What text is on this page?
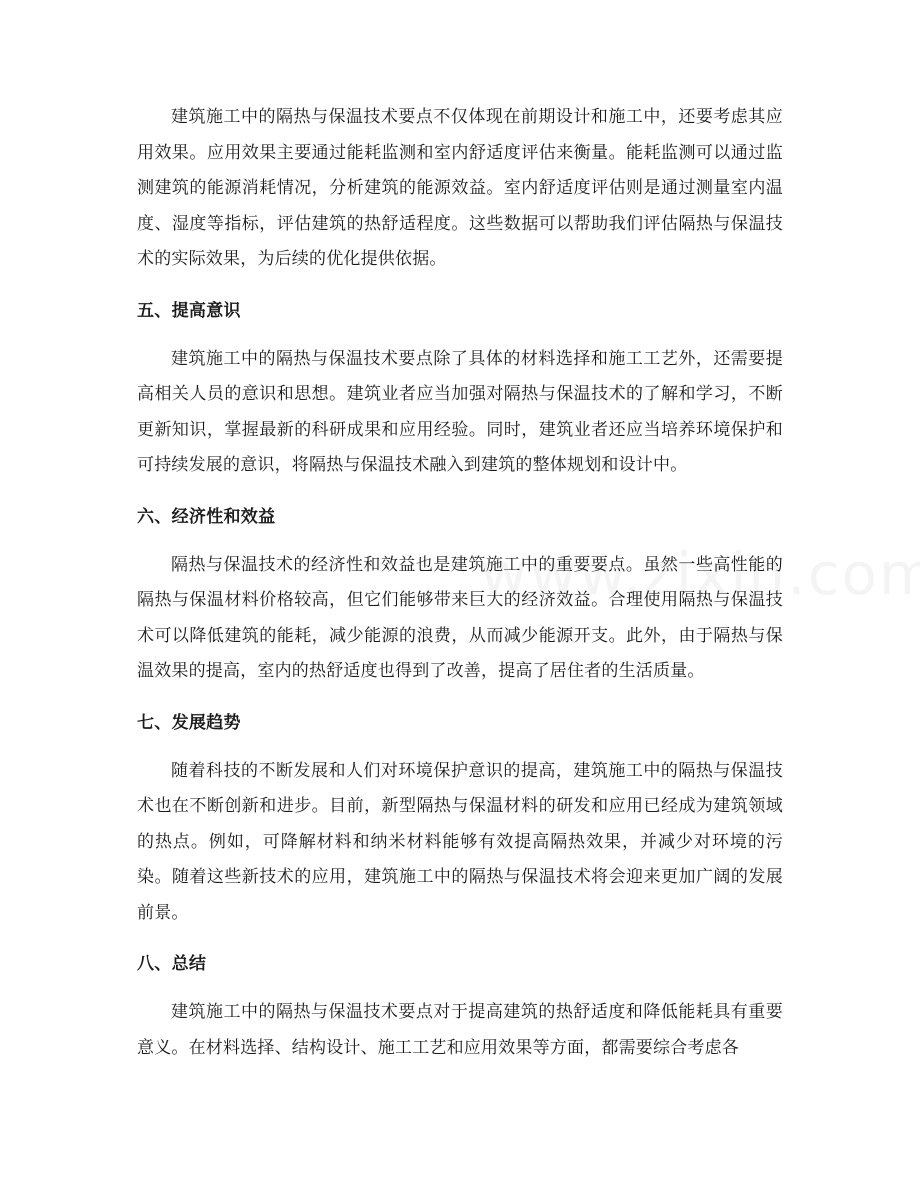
建筑施工中的隔热与保温技术要点不仅体现在前期设计和施工中，还要考虑其应用效果。应用效果主要通过能耗监测和室内舒适度评估来衡量。能耗监测可以通过监测建筑的能源消耗情况，分析建筑的能源效益。室内舒适度评估则是通过测量室内温度、湿度等指标，评估建筑的热舒适程度。这些数据可以帮助我们评估隔热与保温技术的实际效果，为后续的优化提供依据。

五、提高意识

建筑施工中的隔热与保温技术要点除了具体的材料选择和施工工艺外，还需要提高相关人员的意识和思想。建筑业者应当加强对隔热与保温技术的了解和学习，不断更新知识，掌握最新的科研成果和应用经验。同时，建筑业者还应当培养环境保护和可持续发展的意识，将隔热与保温技术融入到建筑的整体规划和设计中。

六、经济性和效益

隔热与保温技术的经济性和效益也是建筑施工中的重要要点。虽然一些高性能的隔热与保温材料价格较高，但它们能够带来巨大的经济效益。合理使用隔热与保温技术可以降低建筑的能耗，减少能源的浪费，从而减少能源开支。此外，由于隔热与保温效果的提高，室内的热舒适度也得到了改善，提高了居住者的生活质量。

七、发展趋势

随着科技的不断发展和人们对环境保护意识的提高，建筑施工中的隔热与保温技术也在不断创新和进步。目前，新型隔热与保温材料的研发和应用已经成为建筑领域的热点。例如，可降解材料和纳米材料能够有效提高隔热效果，并减少对环境的污染。随着这些新技术的应用，建筑施工中的隔热与保温技术将会迎来更加广阔的发展前景。

八、总结

建筑施工中的隔热与保温技术要点对于提高建筑的热舒适度和降低能耗具有重要意义。在材料选择、结构设计、施工工艺和应用效果等方面，都需要综合考虑各
